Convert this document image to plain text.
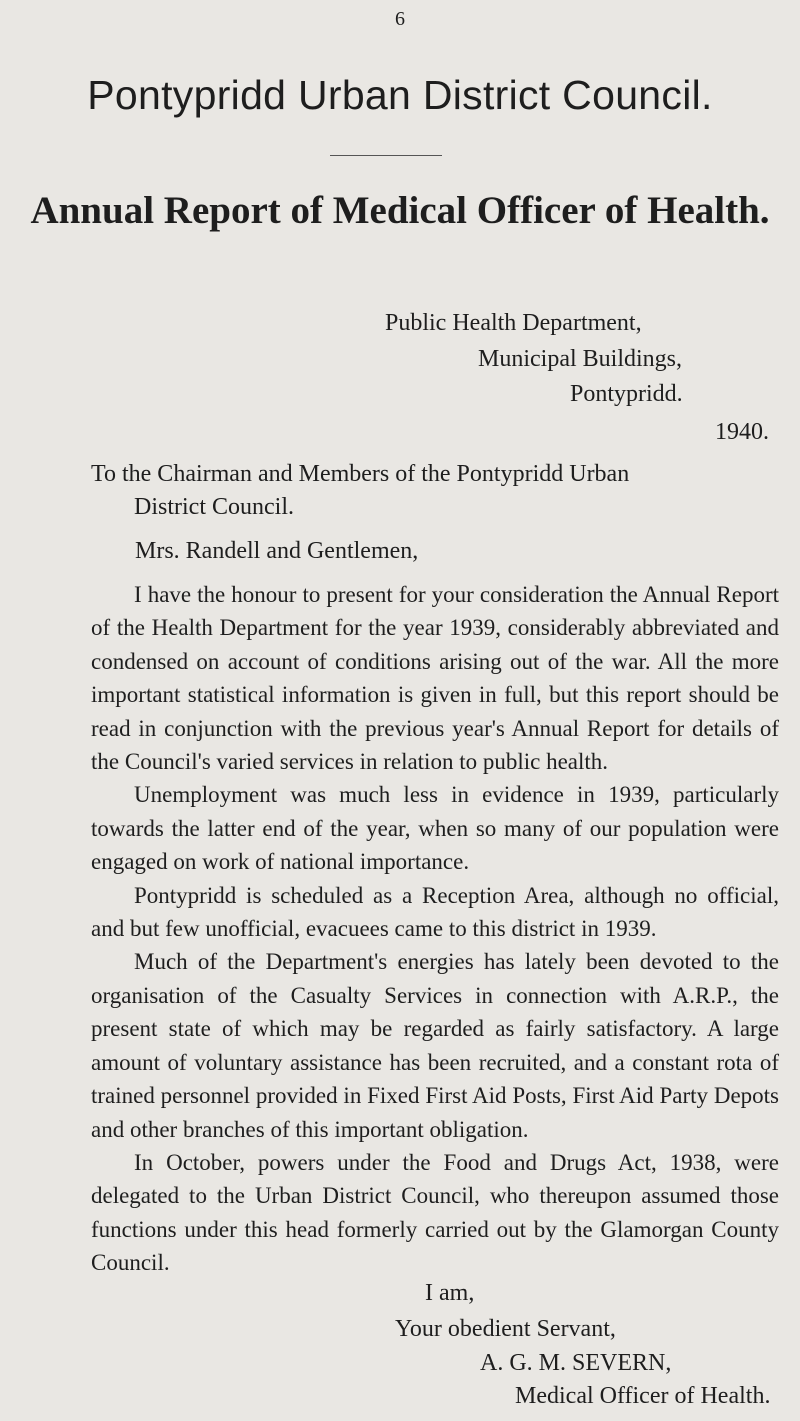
6
Pontypridd Urban District Council.
Annual Report of Medical Officer of Health.
Public Health Department,
Municipal Buildings,
Pontypridd.
1940.
To the Chairman and Members of the Pontypridd Urban
District Council.
Mrs. Randell and Gentlemen,

I have the honour to present for your consideration the Annual Report of the Health Department for the year 1939, considerably abbreviated and condensed on account of conditions arising out of the war. All the more important statistical information is given in full, but this report should be read in conjunction with the previous year's Annual Report for details of the Council's varied services in relation to public health.

Unemployment was much less in evidence in 1939, particularly towards the latter end of the year, when so many of our population were engaged on work of national importance.

Pontypridd is scheduled as a Reception Area, although no official, and but few unofficial, evacuees came to this district in 1939.

Much of the Department's energies has lately been devoted to the organisation of the Casualty Services in connection with A.R.P., the present state of which may be regarded as fairly satisfactory. A large amount of voluntary assistance has been recruited, and a constant rota of trained personnel provided in Fixed First Aid Posts, First Aid Party Depots and other branches of this important obligation.

In October, powers under the Food and Drugs Act, 1938, were delegated to the Urban District Council, who thereupon assumed those functions under this head formerly carried out by the Glamorgan County Council.

I am,
Your obedient Servant,
A. G. M. SEVERN,
Medical Officer of Health.
